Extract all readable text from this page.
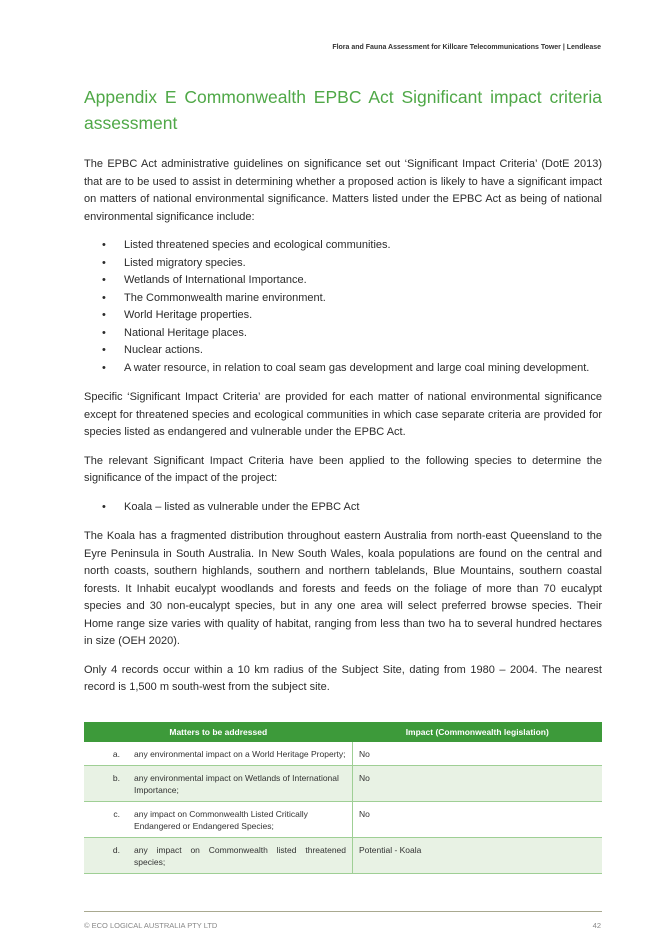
Flora and Fauna Assessment for Killcare Telecommunications Tower | Lendlease
Appendix E Commonwealth EPBC Act Significant impact criteria assessment

The EPBC Act administrative guidelines on significance set out ‘Significant Impact Criteria’ (DotE 2013) that are to be used to assist in determining whether a proposed action is likely to have a significant impact on matters of national environmental significance. Matters listed under the EPBC Act as being of national environmental significance include:

• Listed threatened species and ecological communities.
• Listed migratory species.
• Wetlands of International Importance.
• The Commonwealth marine environment.
• World Heritage properties.
• National Heritage places.
• Nuclear actions.
• A water resource, in relation to coal seam gas development and large coal mining development.

Specific ‘Significant Impact Criteria’ are provided for each matter of national environmental significance except for threatened species and ecological communities in which case separate criteria are provided for species listed as endangered and vulnerable under the EPBC Act.

The relevant Significant Impact Criteria have been applied to the following species to determine the significance of the impact of the project:

• Koala – listed as vulnerable under the EPBC Act

The Koala has a fragmented distribution throughout eastern Australia from north-east Queensland to the Eyre Peninsula in South Australia. In New South Wales, koala populations are found on the central and north coasts, southern highlands, southern and northern tablelands, Blue Mountains, southern coastal forests. It Inhabit eucalypt woodlands and forests and feeds on the foliage of more than 70 eucalypt species and 30 non-eucalypt species, but in any one area will select preferred browse species. Their Home range size varies with quality of habitat, ranging from less than two ha to several hundred hectares in size (OEH 2020).

Only 4 records occur within a 10 km radius of the Subject Site, dating from 1980 – 2004. The nearest record is 1,500 m south-west from the subject site.

Matters to be addressed		Impact (Commonwealth legislation)
a.	any environmental impact on a World Heritage Property;	No
b.	any environmental impact on Wetlands of International Importance;	No
c.	any impact on Commonwealth Listed Critically Endangered or Endangered Species;	No
d.	any impact on Commonwealth listed threatened species;	Potential - Koala
© ECO LOGICAL AUSTRALIA PTY LTD	42
